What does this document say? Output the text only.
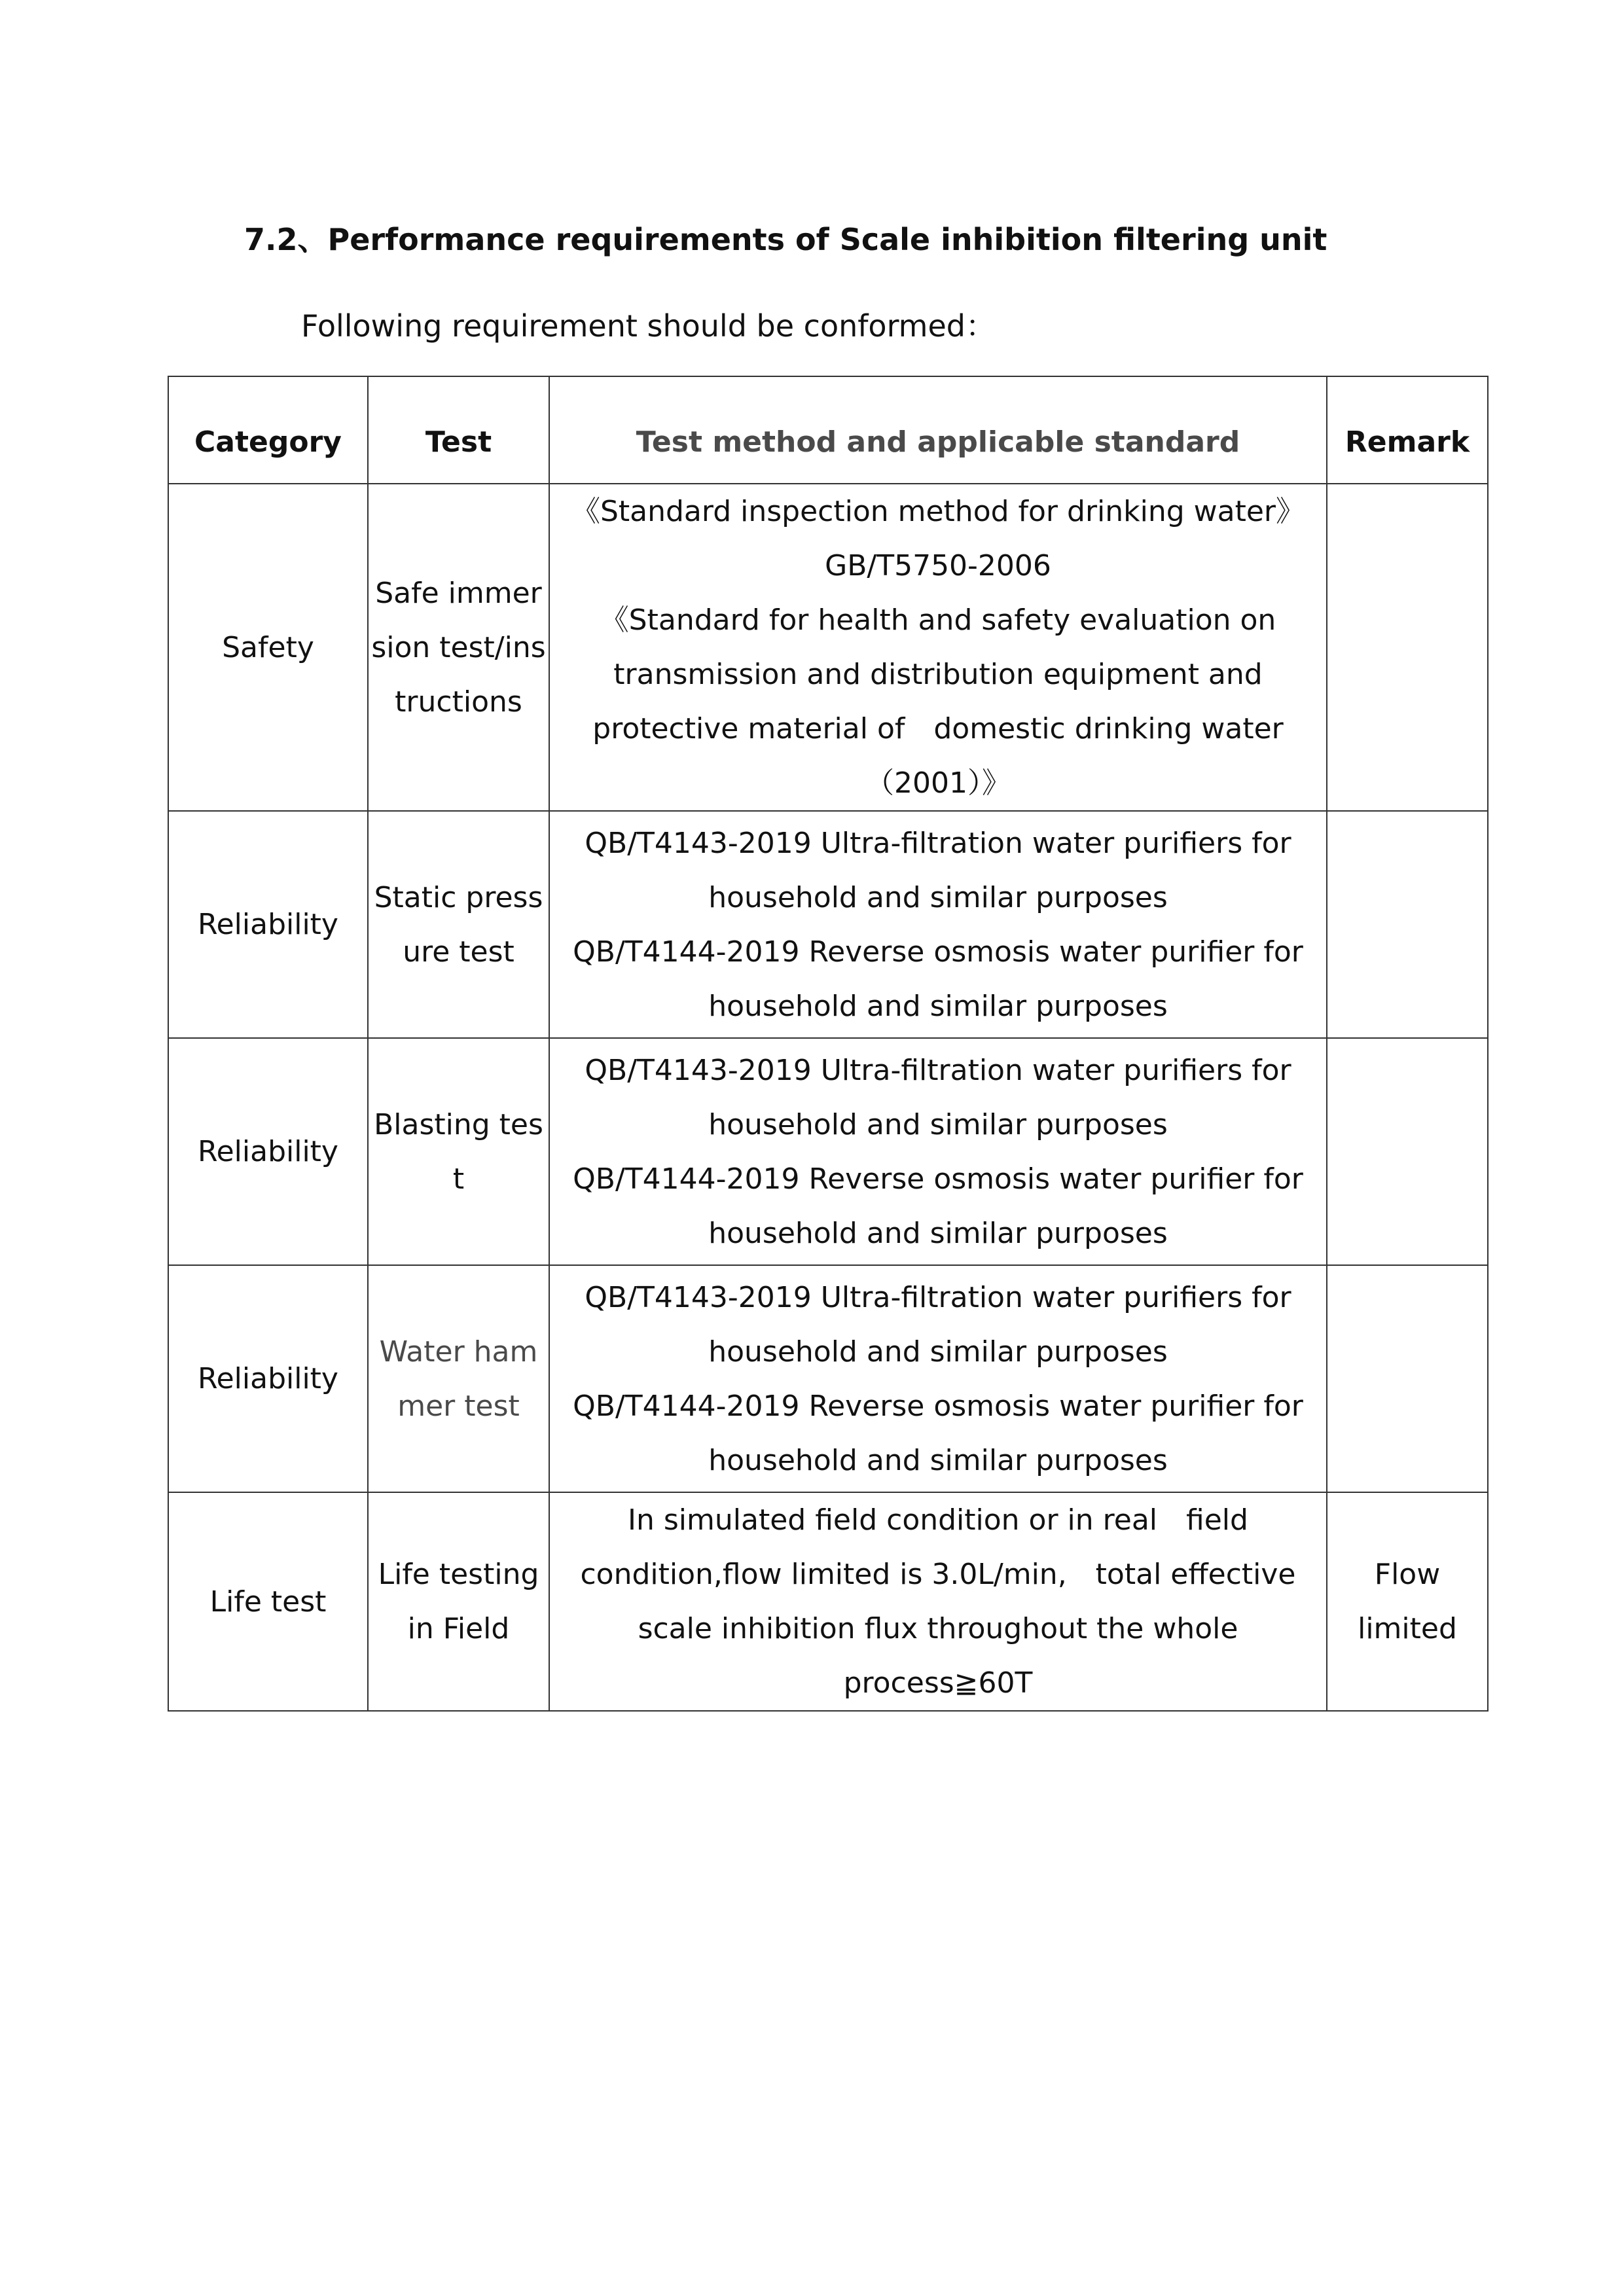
7.2、Performance requirements of Scale inhibition filtering unit
Following requirement should be conformed：
Category	Test	Test method and applicable standard	Remark
Safety	Safe immersion test/instructions	《Standard inspection method for drinking water》 GB/T5750-2006
《Standard for health and safety evaluation on transmission and distribution equipment and protective material of　domestic drinking water（2001）》	

Reliability	Static pressure test	QB/T4143-2019 Ultra-filtration water purifiers for household and similar purposes
QB/T4144-2019 Reverse osmosis water purifier for household and similar purposes	

Reliability	Blasting test	QB/T4143-2019 Ultra-filtration water purifiers for household and similar purposes
QB/T4144-2019 Reverse osmosis water purifier for household and similar purposes	

Reliability	Water hammer test	QB/T4143-2019 Ultra-filtration water purifiers for household and similar purposes
QB/T4144-2019 Reverse osmosis water purifier for household and similar purposes	

Life test	Life testing in Field	In simulated field condition or in real　field condition,flow limited is 3.0L/min,　total effective scale inhibition flux throughout the whole process≧60T	Flow limited
